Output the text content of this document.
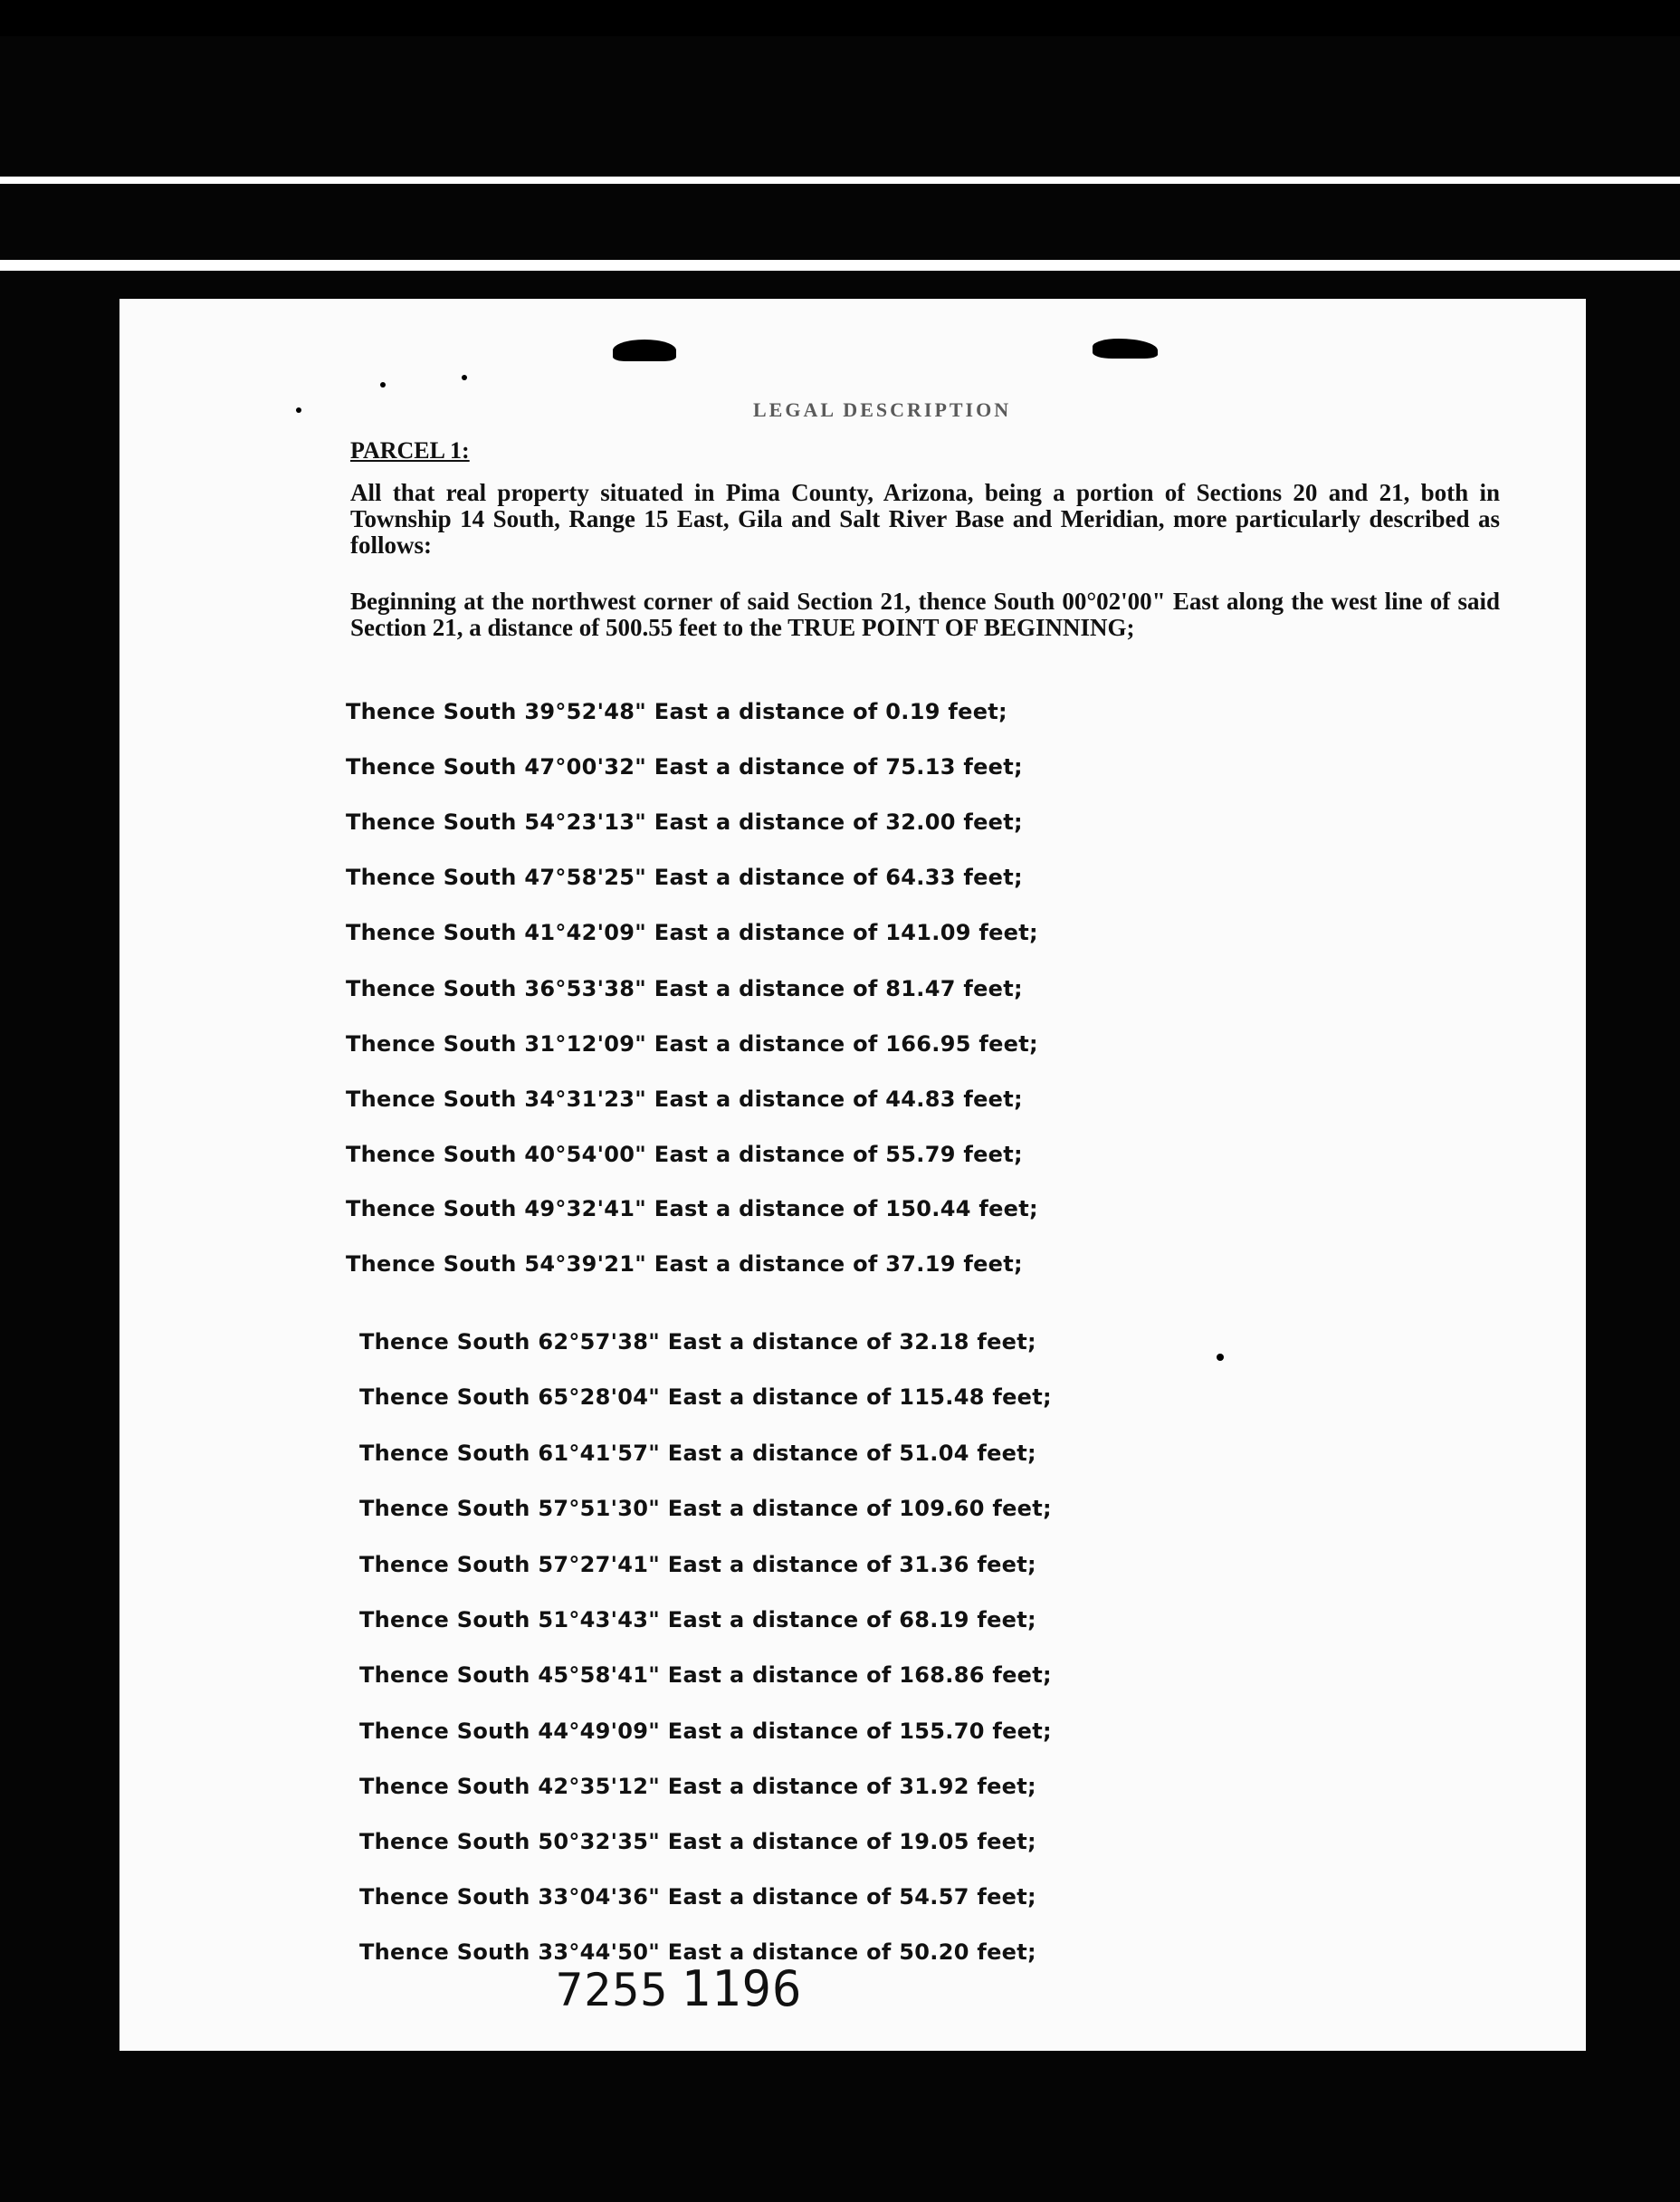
LEGAL DESCRIPTION
PARCEL 1:
All that real property situated in Pima County, Arizona, being a portion of Sections 20 and 21, both in Township 14 South, Range 15 East, Gila and Salt River Base and Meridian, more particularly described as follows:
Beginning at the northwest corner of said Section 21, thence South 00°02'00" East along the west line of said Section 21, a distance of 500.55 feet to the TRUE POINT OF BEGINNING;
Thence South 39°52'48" East a distance of 0.19 feet;
Thence South 47°00'32" East a distance of 75.13 feet;
Thence South 54°23'13" East a distance of 32.00 feet;
Thence South 47°58'25" East a distance of 64.33 feet;
Thence South 41°42'09" East a distance of 141.09 feet;
Thence South 36°53'38" East a distance of 81.47 feet;
Thence South 31°12'09" East a distance of 166.95 feet;
Thence South 34°31'23" East a distance of 44.83 feet;
Thence South 40°54'00" East a distance of 55.79 feet;
Thence South 49°32'41" East a distance of 150.44 feet;
Thence South 54°39'21" East a distance of 37.19 feet;
Thence South 62°57'38" East a distance of 32.18 feet;
Thence South 65°28'04" East a distance of 115.48 feet;
Thence South 61°41'57" East a distance of 51.04 feet;
Thence South 57°51'30" East a distance of 109.60 feet;
Thence South 57°27'41" East a distance of 31.36 feet;
Thence South 51°43'43" East a distance of 68.19 feet;
Thence South 45°58'41" East a distance of 168.86 feet;
Thence South 44°49'09" East a distance of 155.70 feet;
Thence South 42°35'12" East a distance of 31.92 feet;
Thence South 50°32'35" East a distance of 19.05 feet;
Thence South 33°04'36" East a distance of 54.57 feet;
Thence South 33°44'50" East a distance of 50.20 feet;
7255 1196
